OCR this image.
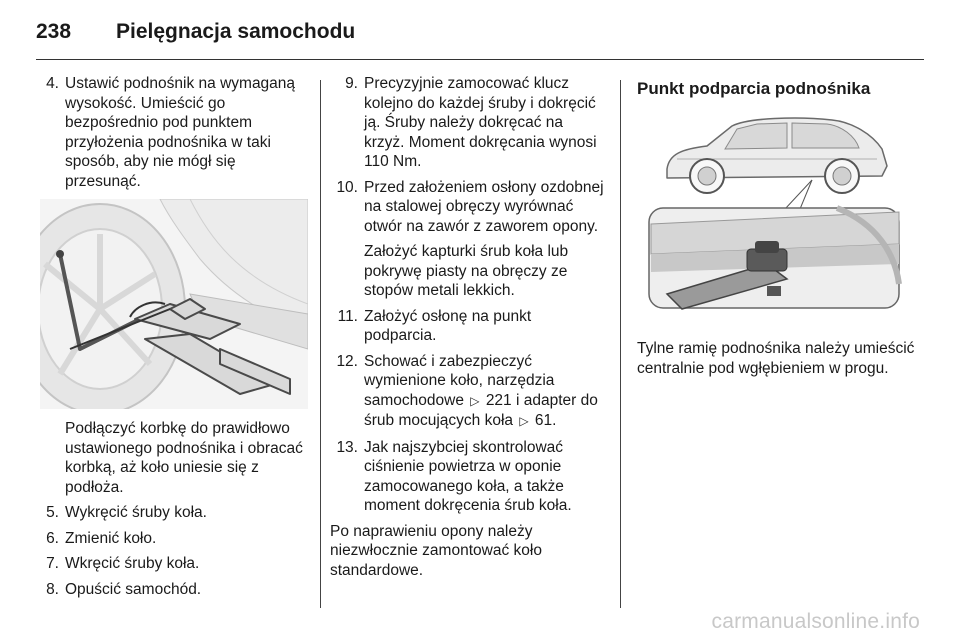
238	Pielęgnacja samochodu
4. Ustawić podnośnik na wymaganą wysokość. Umieścić go bezpośrednio pod punktem przyłożenia podnośnika w taki sposób, aby nie mógł się przesunąć.

Podłączyć korbkę do prawidłowo ustawionego podnośnika i obracać korbką, aż koło uniesie się z podłoża.

5. Wykręcić śruby koła.
6. Zmienić koło.
7. Wkręcić śruby koła.
8. Opuścić samochód.
9. Precyzyjnie zamocować klucz kolejno do każdej śruby i dokręcić ją. Śruby należy dokręcać na krzyż. Moment dokręcania wynosi 110 Nm.
10. Przed założeniem osłony ozdobnej na stalowej obręczy wyrównać otwór na zawór z zaworem opony.

Założyć kapturki śrub koła lub pokrywę piasty na obręczy ze stopów metali lekkich.

11. Założyć osłonę na punkt podparcia.
12. Schować i zabezpieczyć wymienione koło, narzędzia samochodowe ▷ 221 i adapter do śrub mocujących koła ▷ 61.
13. Jak najszybciej skontrolować ciśnienie powietrza w oponie zamocowanego koła, a także moment dokręcenia śrub koła.

Po naprawieniu opony należy niezwłocznie zamontować koło standardowe.

Punkt podparcia podnośnika

Tylne ramię podnośnika należy umieścić centralnie pod wgłębieniem w progu.

carmanualsonline.info
